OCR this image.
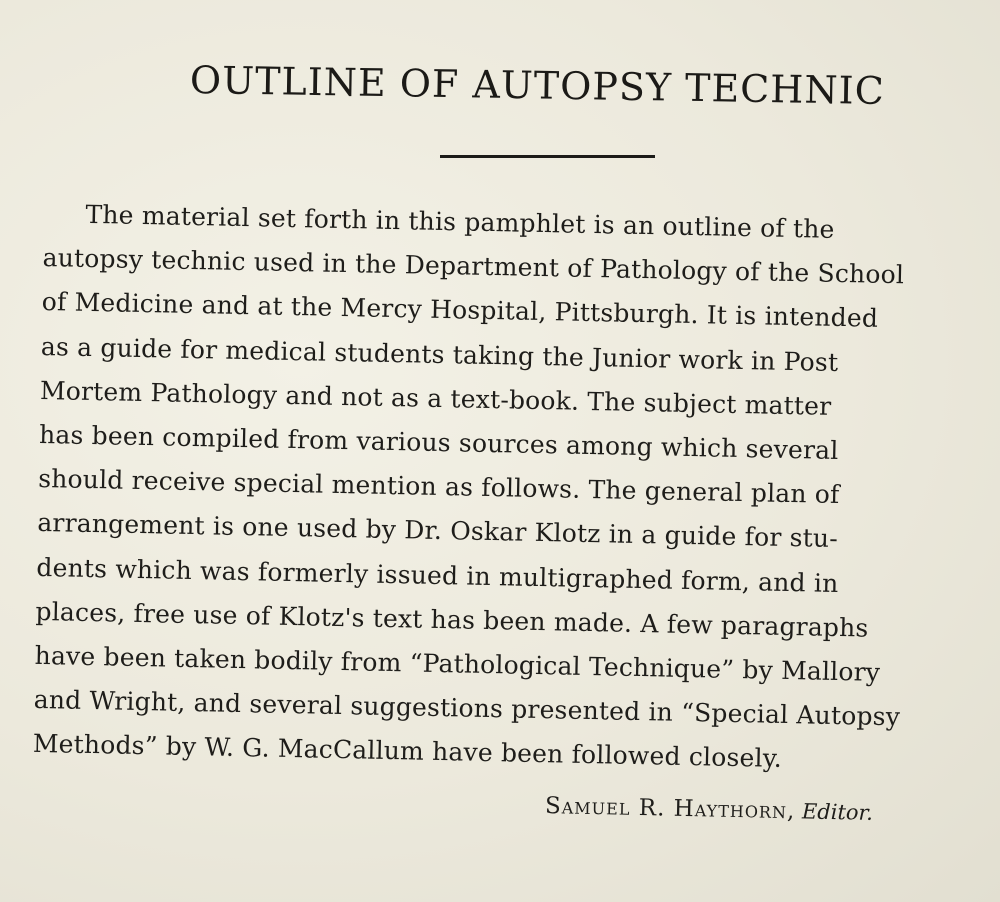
OUTLINE OF AUTOPSY TECHNIC
The material set forth in this pamphlet is an outline of the
autopsy technic used in the Department of Pathology of the School
of Medicine and at the Mercy Hospital, Pittsburgh. It is intended
as a guide for medical students taking the Junior work in Post
Mortem Pathology and not as a text-book. The subject matter
has been compiled from various sources among which several
should receive special mention as follows. The general plan of
arrangement is one used by Dr. Oskar Klotz in a guide for stu-
dents which was formerly issued in multigraphed form, and in
places, free use of Klotz's text has been made. A few paragraphs
have been taken bodily from “Pathological Technique” by Mallory
and Wright, and several suggestions presented in “Special Autopsy
Methods” by W. G. MacCallum have been followed closely.
Samuel R. Haythorn, Editor.
